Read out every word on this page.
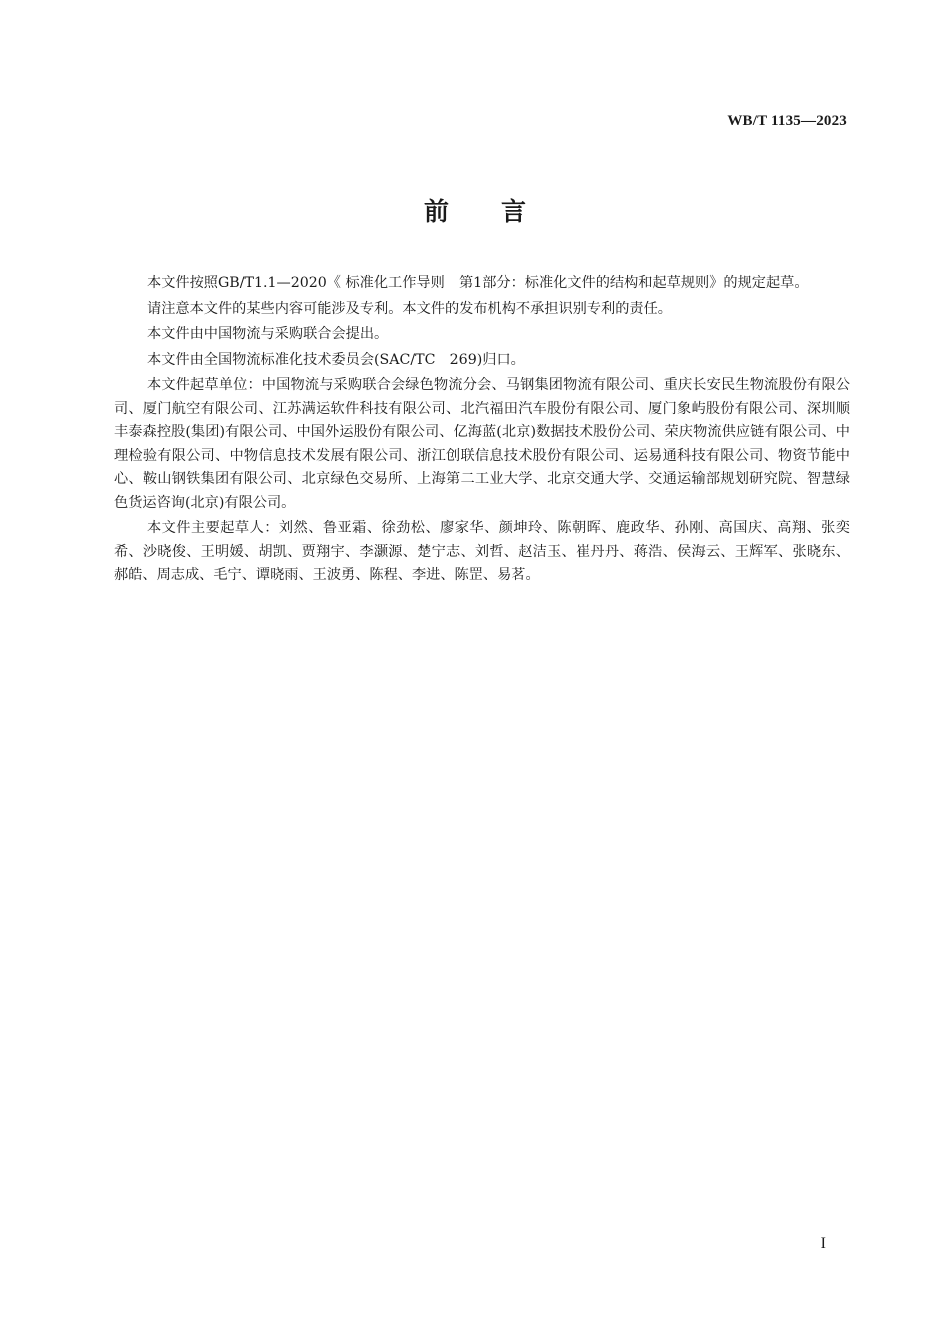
WB/T 1135—2023
前 言

本文件按照GB/T1.1—2020《 标准化工作导则　第1部分：标准化文件的结构和起草规则》的规定起草。

请注意本文件的某些内容可能涉及专利。本文件的发布机构不承担识别专利的责任。

本文件由中国物流与采购联合会提出。

本文件由全国物流标准化技术委员会(SAC/TC　269)归口。

本文件起草单位：中国物流与采购联合会绿色物流分会、马钢集团物流有限公司、重庆长安民生物流股份有限公司、厦门航空有限公司、江苏满运软件科技有限公司、北汽福田汽车股份有限公司、厦门象屿股份有限公司、深圳顺丰泰森控股(集团)有限公司、中国外运股份有限公司、亿海蓝(北京)数据技术股份公司、荣庆物流供应链有限公司、中理检验有限公司、中物信息技术发展有限公司、浙江创联信息技术股份有限公司、运易通科技有限公司、物资节能中心、鞍山钢铁集团有限公司、北京绿色交易所、上海第二工业大学、北京交通大学、交通运输部规划研究院、智慧绿色货运咨询(北京)有限公司。

本文件主要起草人：刘然、鲁亚霜、徐劲松、廖家华、颜坤玲、陈朝晖、鹿政华、孙刚、高国庆、高翔、张奕希、沙晓俊、王明媛、胡凯、贾翔宇、李灏源、楚宁志、刘哲、赵洁玉、崔丹丹、蒋浩、侯海云、王辉军、张晓东、郝皓、周志成、毛宁、谭晓雨、王波勇、陈程、李进、陈罡、易茗。

I
